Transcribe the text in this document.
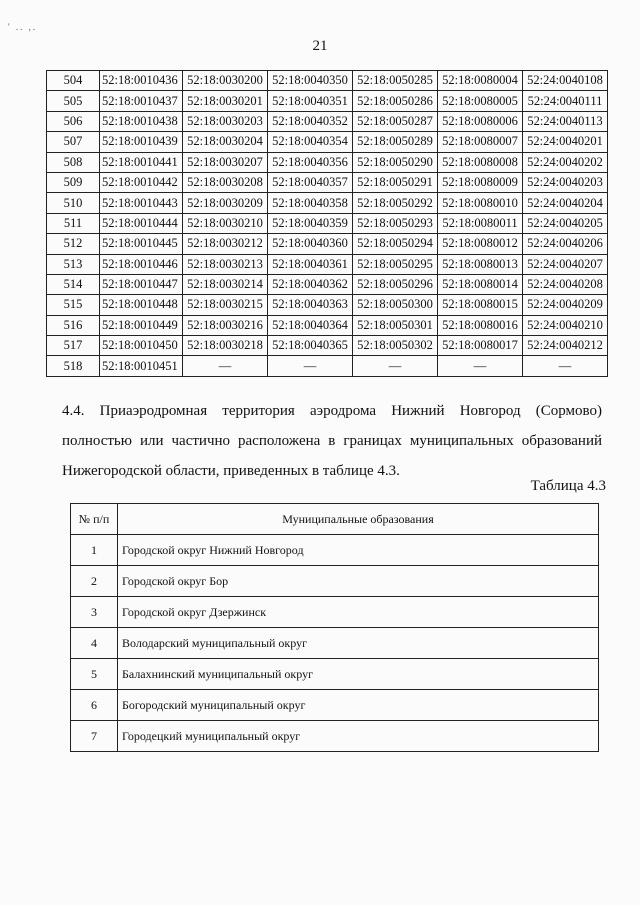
' .. ,.
21
504	52:18:0010436	52:18:0030200	52:18:0040350	52:18:0050285	52:18:0080004	52:24:0040108
505	52:18:0010437	52:18:0030201	52:18:0040351	52:18:0050286	52:18:0080005	52:24:0040111
506	52:18:0010438	52:18:0030203	52:18:0040352	52:18:0050287	52:18:0080006	52:24:0040113
507	52:18:0010439	52:18:0030204	52:18:0040354	52:18:0050289	52:18:0080007	52:24:0040201
508	52:18:0010441	52:18:0030207	52:18:0040356	52:18:0050290	52:18:0080008	52:24:0040202
509	52:18:0010442	52:18:0030208	52:18:0040357	52:18:0050291	52:18:0080009	52:24:0040203
510	52:18:0010443	52:18:0030209	52:18:0040358	52:18:0050292	52:18:0080010	52:24:0040204
511	52:18:0010444	52:18:0030210	52:18:0040359	52:18:0050293	52:18:0080011	52:24:0040205
512	52:18:0010445	52:18:0030212	52:18:0040360	52:18:0050294	52:18:0080012	52:24:0040206
513	52:18:0010446	52:18:0030213	52:18:0040361	52:18:0050295	52:18:0080013	52:24:0040207
514	52:18:0010447	52:18:0030214	52:18:0040362	52:18:0050296	52:18:0080014	52:24:0040208
515	52:18:0010448	52:18:0030215	52:18:0040363	52:18:0050300	52:18:0080015	52:24:0040209
516	52:18:0010449	52:18:0030216	52:18:0040364	52:18:0050301	52:18:0080016	52:24:0040210
517	52:18:0010450	52:18:0030218	52:18:0040365	52:18:0050302	52:18:0080017	52:24:0040212
518	52:18:0010451	—	—	—	—	—
4.4. Приаэродромная территория аэродрома Нижний Новгород (Сормово)
полностью или частично расположена в границах муниципальных образований
Нижегородской области, приведенных в таблице 4.3.
Таблица 4.3
№ п/п	Муниципальные образования
1	Городской округ Нижний Новгород
2	Городской округ Бор
3	Городской округ Дзержинск
4	Володарский муниципальный округ
5	Балахнинский муниципальный округ
6	Богородский муниципальный округ
7	Городецкий муниципальный округ
